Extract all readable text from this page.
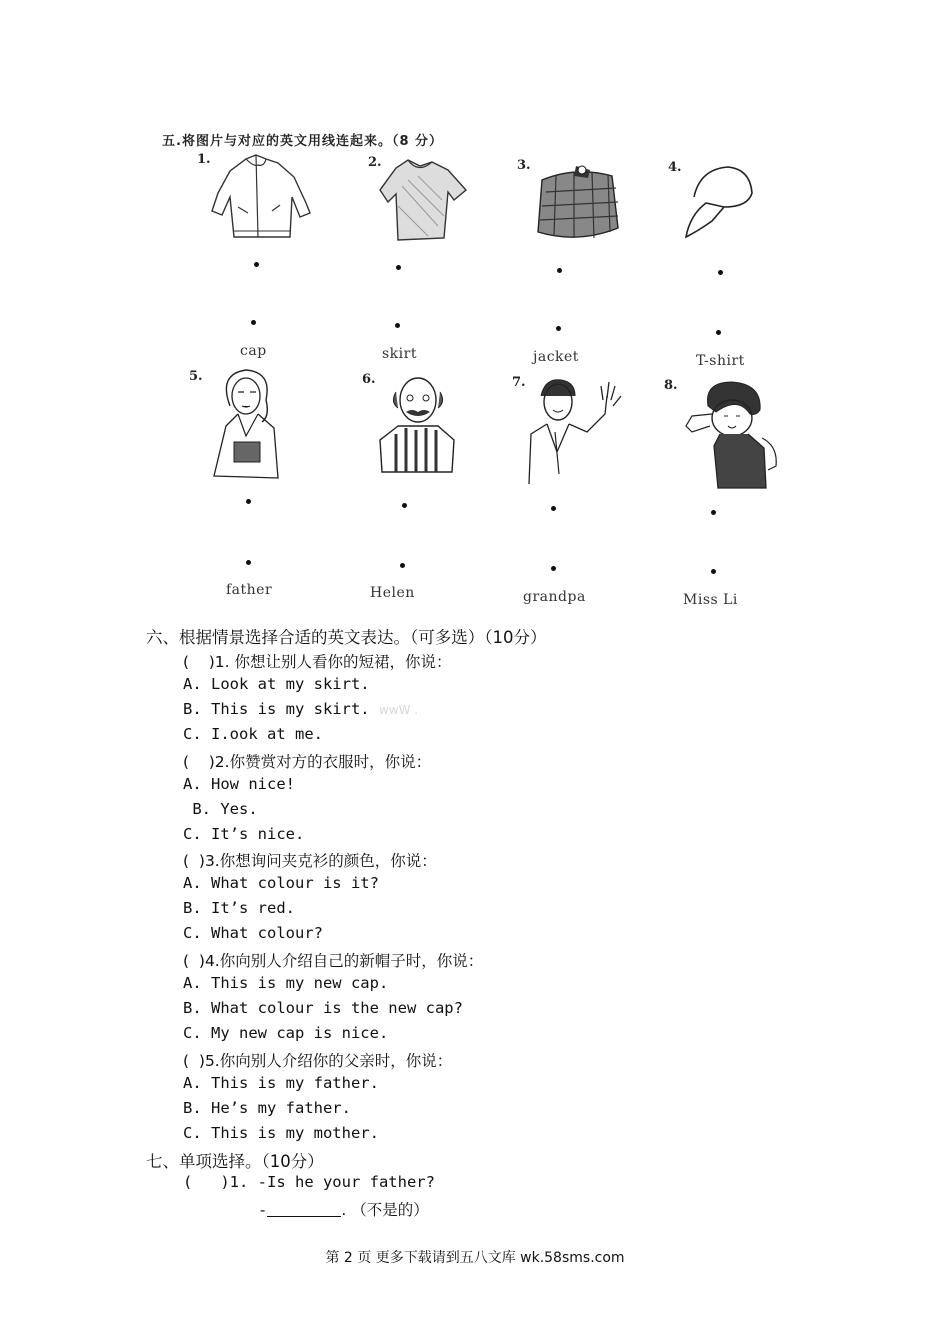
五.将图片与对应的英文用线连起来。（8 分）
1.	2.	3.	4.
cap	skirt	jacket	T-shirt
5.	6.	7.	8.
father	Helen	grandpa	Miss Li
六、根据情景选择合适的英文表达。（可多选）（10分）
(    )1. 你想让别人看你的短裙，你说：
A. Look at my skirt.
B. This is my skirt. wwW .
C. I.ook at me.
(    )2.你赞赏对方的衣服时，你说：
A. How nice!
B. Yes.
C. It’s nice.
(  )3.你想询问夹克衫的颜色，你说：
A. What colour is it?
B. It’s red.
C. What colour?
(  )4.你向别人介绍自己的新帽子时，你说：
A. This is my new cap.
B. What colour is the new cap?
C. My new cap is nice.
(  )5.你向别人介绍你的父亲时，你说：
A. This is my father.
B. He’s my father.
C. This is my mother.
七、单项选择。（10分）
(   )1. -Is he your father?
-	. （不是的）
第 2 页 更多下载请到五八文库 wk.58sms.com
